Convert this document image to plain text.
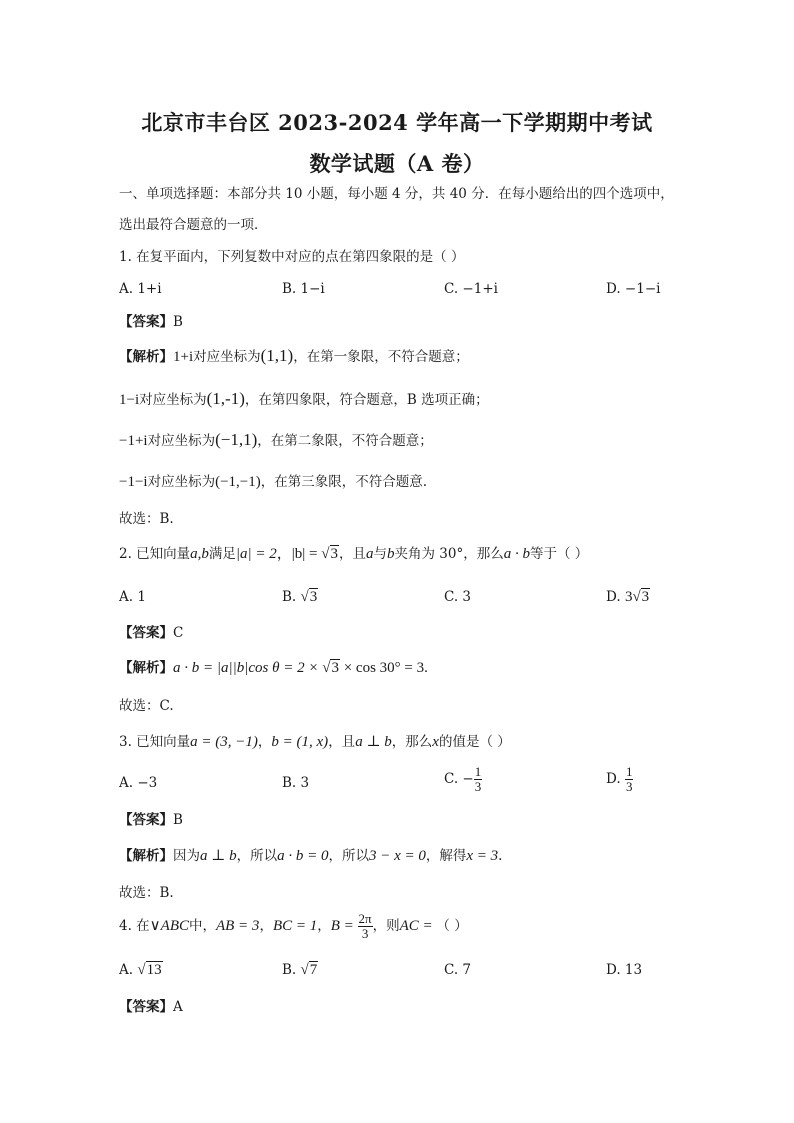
北京市丰台区 2023-2024 学年高一下学期期中考试
数学试题（A 卷）
一、单项选择题：本部分共 10 小题，每小题 4 分，共 40 分．在每小题给出的四个选项中，
选出最符合题意的一项．
1. 在复平面内，下列复数中对应的点在第四象限的是（ ）
A. 1+i	B. 1−i	C. −1+i	D. −1−i
【答案】B
【解析】1+i对应坐标为(1,1)，在第一象限，不符合题意；
1−i对应坐标为(1,‐1)，在第四象限，符合题意，B 选项正确；
−1+i对应坐标为(−1,1)，在第二象限，不符合题意；
−1−i对应坐标为(−1,−1)，在第三象限，不符合题意.
故选：B.
2. 已知向量a,b满足|a| = 2，|b| = √3，且a与b夹角为 30°，那么a · b等于（ ）
A. 1	B. √3	C. 3	D. 3√3
【答案】C
【解析】a · b = |a||b|cos θ = 2 × √3 × cos 30° = 3.
故选：C.
3. 已知向量a = (3, −1)，b = (1, x)，且a ⊥ b，那么x的值是（ ）
A. −3	B. 3	C. − $\frac{1}{3}$	D. $\frac{1}{3}$
【答案】B
【解析】因为a ⊥ b，所以a · b = 0，所以3 − x = 0，解得x = 3.
故选：B.
4. 在∨ABC中，AB = 3，BC = 1，$B = \frac{2\pi}{3}$ ，则AC = （ ）
A. √13	B. √7	C. 7	D. 13
【答案】A
